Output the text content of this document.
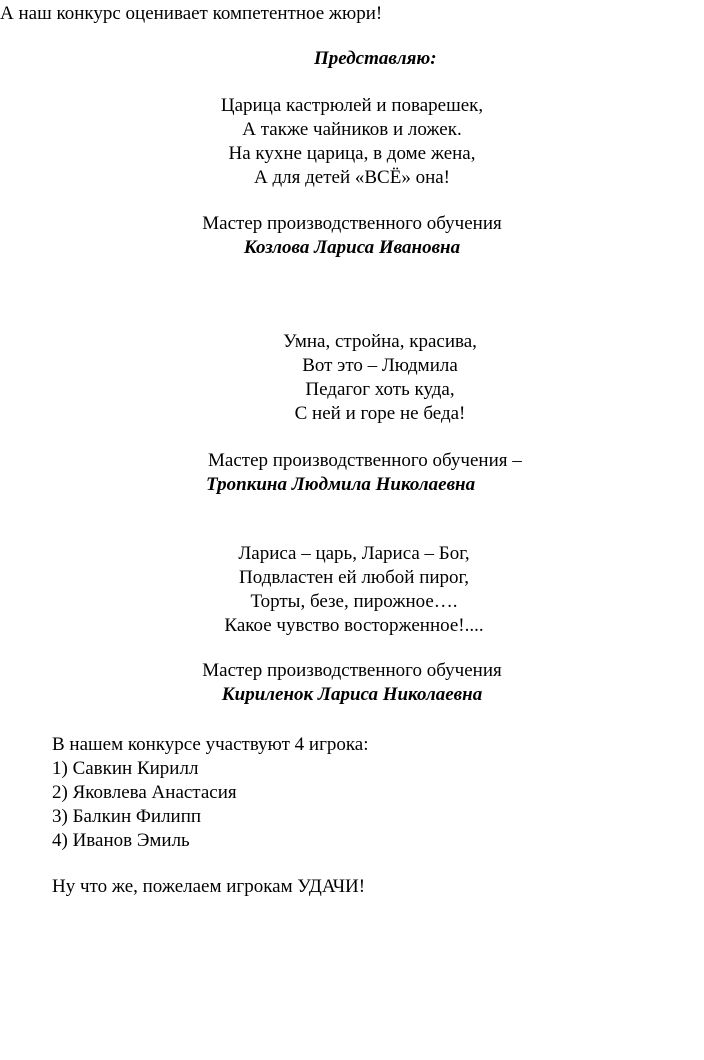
А наш конкурс оценивает компетентное жюри!

Представляю:

Царица кастрюлей и поварешек,

А также чайников и ложек.

На кухне царица, в доме жена,

А для детей «ВСЁ» она!

Мастер производственного обучения

Козлова Лариса Ивановна

Умна, стройна, красива,

Вот это – Людмила

Педагог хоть куда,

С ней и горе не беда!

Мастер производственного обучения –

Тропкина Людмила Николаевна

Лариса – царь, Лариса – Бог,

Подвластен ей любой пирог,

Торты, безе, пирожное….

Какое чувство восторженное!....

Мастер производственного обучения

Кириленок Лариса Николаевна

В нашем конкурсе участвуют 4 игрока:

1) Савкин Кирилл

2) Яковлева Анастасия

3) Балкин Филипп

4) Иванов Эмиль

Ну что же, пожелаем игрокам УДАЧИ!
